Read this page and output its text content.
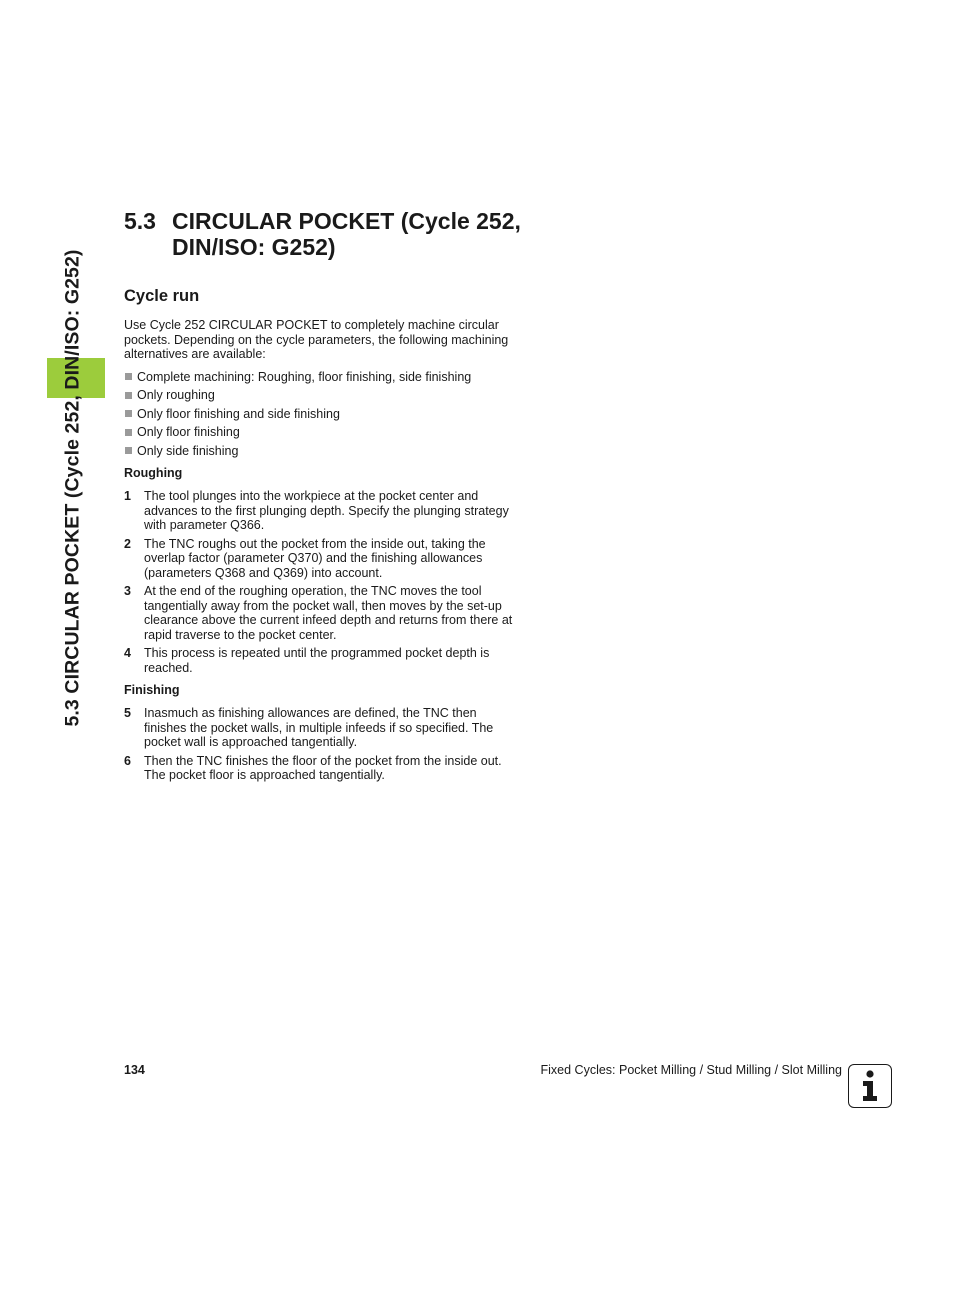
5.3 CIRCULAR POCKET (Cycle 252, DIN/ISO: G252)
5.3 CIRCULAR POCKET (Cycle 252, DIN/ISO: G252)
Cycle run

Use Cycle 252 CIRCULAR POCKET to completely machine circular pockets. Depending on the cycle parameters, the following machining alternatives are available:

Complete machining: Roughing, floor finishing, side finishing
Only roughing
Only floor finishing and side finishing
Only floor finishing
Only side finishing
Roughing
1	The tool plunges into the workpiece at the pocket center and advances to the first plunging depth. Specify the plunging strategy with parameter Q366.
2	The TNC roughs out the pocket from the inside out, taking the overlap factor (parameter Q370) and the finishing allowances (parameters Q368 and Q369) into account.
3	At the end of the roughing operation, the TNC moves the tool tangentially away from the pocket wall, then moves by the set-up clearance above the current infeed depth and returns from there at rapid traverse to the pocket center.
4	This process is repeated until the programmed pocket depth is reached.
Finishing
5	Inasmuch as finishing allowances are defined, the TNC then finishes the pocket walls, in multiple infeeds if so specified. The pocket wall is approached tangentially.
6	Then the TNC finishes the floor of the pocket from the inside out. The pocket floor is approached tangentially.
134	Fixed Cycles: Pocket Milling / Stud Milling / Slot Milling
